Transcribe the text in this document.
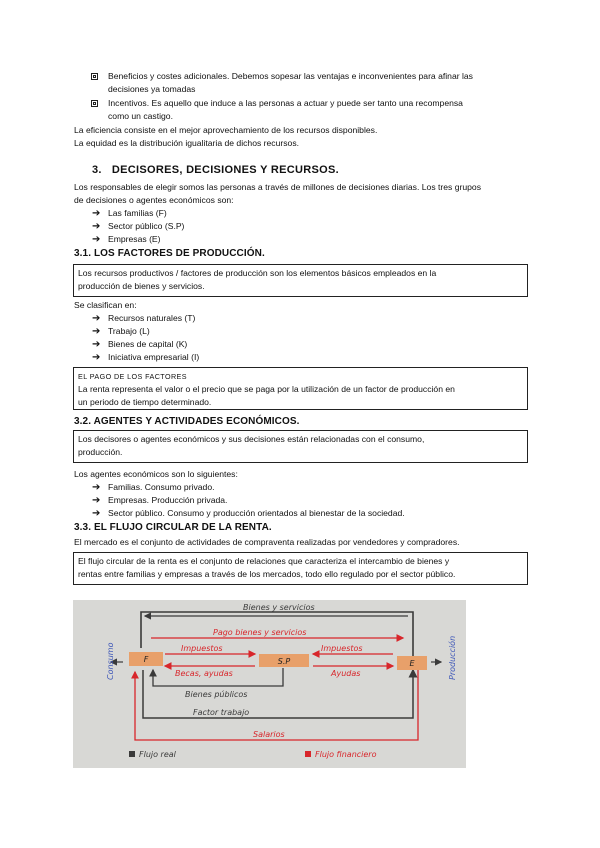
Beneficios y costes adicionales. Debemos sopesar las ventajas e inconvenientes para afinar las
decisiones ya tomadas
Incentivos. Es aquello que induce a las personas a actuar y puede ser tanto una recompensa
como un castigo.
La eficiencia consiste en el mejor aprovechamiento de los recursos disponibles.
La equidad es la distribución igualitaria de dichos recursos.
3. DECISORES, DECISIONES Y RECURSOS.
Los responsables de elegir somos las personas a través de millones de decisiones diarias. Los tres grupos
de decisiones o agentes económicos son:
➔ Las familias (F)
➔ Sector público (S.P)
➔ Empresas (E)
3.1. LOS FACTORES DE PRODUCCIÓN.
Los recursos productivos / factores de producción son los elementos básicos empleados en la
producción de bienes y servicios.
Se clasifican en:
➔ Recursos naturales (T)
➔ Trabajo (L)
➔ Bienes de capital (K)
➔ Iniciativa empresarial (I)
EL PAGO DE LOS FACTORES
La renta representa el valor o el precio que se paga por la utilización de un factor de producción en
un periodo de tiempo determinado.
3.2. AGENTES Y ACTIVIDADES ECONÓMICOS.
Los decisores o agentes económicos y sus decisiones están relacionadas con el consumo,
producción.
Los agentes económicos son lo siguientes:
➔ Familias. Consumo privado.
➔ Empresas. Producción privada.
➔ Sector público. Consumo y producción orientados al bienestar de la sociedad.
3.3. EL FLUJO CIRCULAR DE LA RENTA.
El mercado es el conjunto de actividades de compraventa realizadas por vendedores y compradores.
El flujo circular de la renta es el conjunto de relaciones que caracteriza el intercambio de bienes y
rentas entre familias y empresas a través de los mercados, todo ello regulado por el sector público.
F	S.P	E
Bienes y servicios
Pago bienes y servicios
Impuestos
Becas, ayudas
Impuestos
Ayudas
Bienes públicos
Factor trabajo
Salarios
Consumo	Producción
Flujo real	Flujo financiero
